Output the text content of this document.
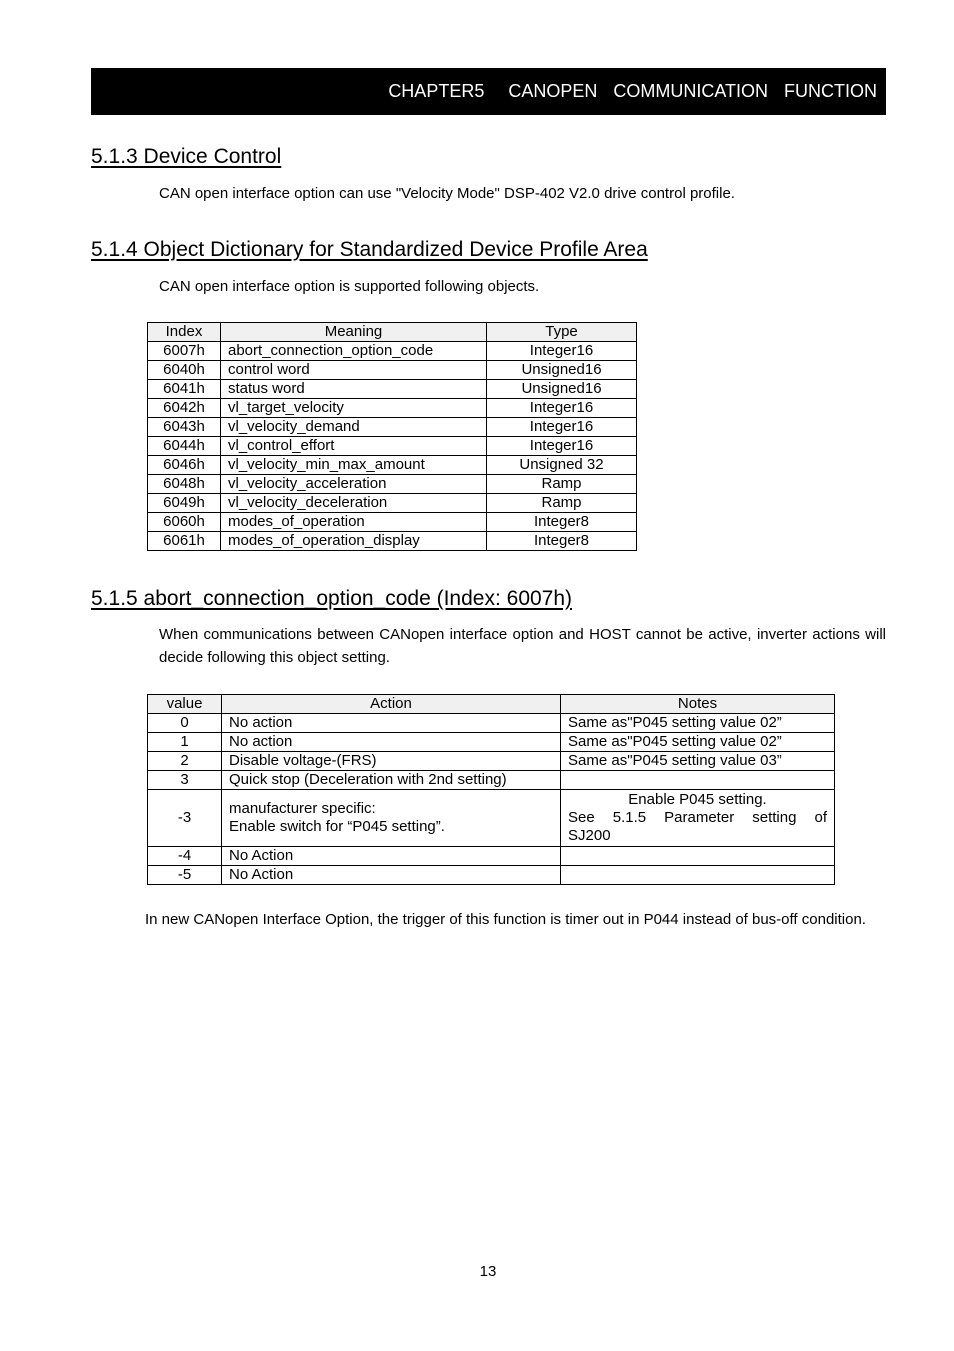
CHAPTER5   CANOPEN  COMMUNICATION  FUNCTION
5.1.3 Device Control

CAN open interface option can use "Velocity Mode" DSP-402 V2.0 drive control profile.

5.1.4 Object Dictionary for Standardized Device Profile Area

CAN open interface option is supported following objects.

Index	Meaning	Type
6007h	abort_connection_option_code	Integer16
6040h	control word	Unsigned16
6041h	status word	Unsigned16
6042h	vl_target_velocity	Integer16
6043h	vl_velocity_demand	Integer16
6044h	vl_control_effort	Integer16
6046h	vl_velocity_min_max_amount	Unsigned 32
6048h	vl_velocity_acceleration	Ramp
6049h	vl_velocity_deceleration	Ramp
6060h	modes_of_operation	Integer8
6061h	modes_of_operation_display	Integer8
5.1.5 abort_connection_option_code (Index: 6007h)

When communications between CANopen interface option and HOST cannot be active, inverter actions will decide following this object setting.

value	Action	Notes
0	No action	Same as"P045 setting value 02”
1	No action	Same as"P045 setting value 02”
2	Disable voltage-(FRS)	Same as"P045 setting value 03”
3	Quick stop (Deceleration with 2nd setting)	
-3	manufacturer specific:
Enable switch for “P045 setting”.	Enable P045 setting.
See 5.1.5 Parameter setting of
SJ200

-4	No Action	
-5	No Action	

In new CANopen Interface Option, the trigger of this function is timer out in P044 instead of bus-off condition.

13
